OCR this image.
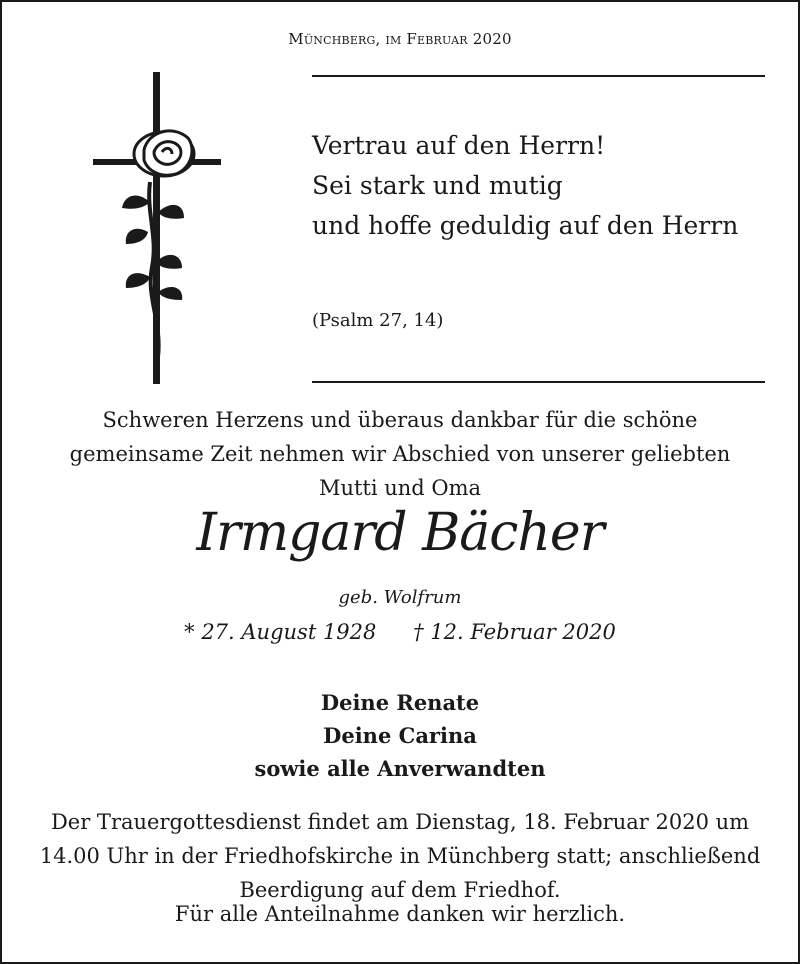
Münchberg, im Februar 2020
Vertrau auf den Herrn!
Sei stark und mutig
und hoffe geduldig auf den Herrn
(Psalm 27, 14)
Schweren Herzens und überaus dankbar für die schöne
gemeinsame Zeit nehmen wir Abschied von unserer geliebten
Mutti und Oma
Irmgard Bächer
geb. Wolfrum
* 27. August 1928 † 12. Februar 2020
Deine Renate
Deine Carina
sowie alle Anverwandten
Der Trauergottesdienst findet am Dienstag, 18. Februar 2020 um
14.00 Uhr in der Friedhofskirche in Münchberg statt; anschließend
Beerdigung auf dem Friedhof.
Für alle Anteilnahme danken wir herzlich.
